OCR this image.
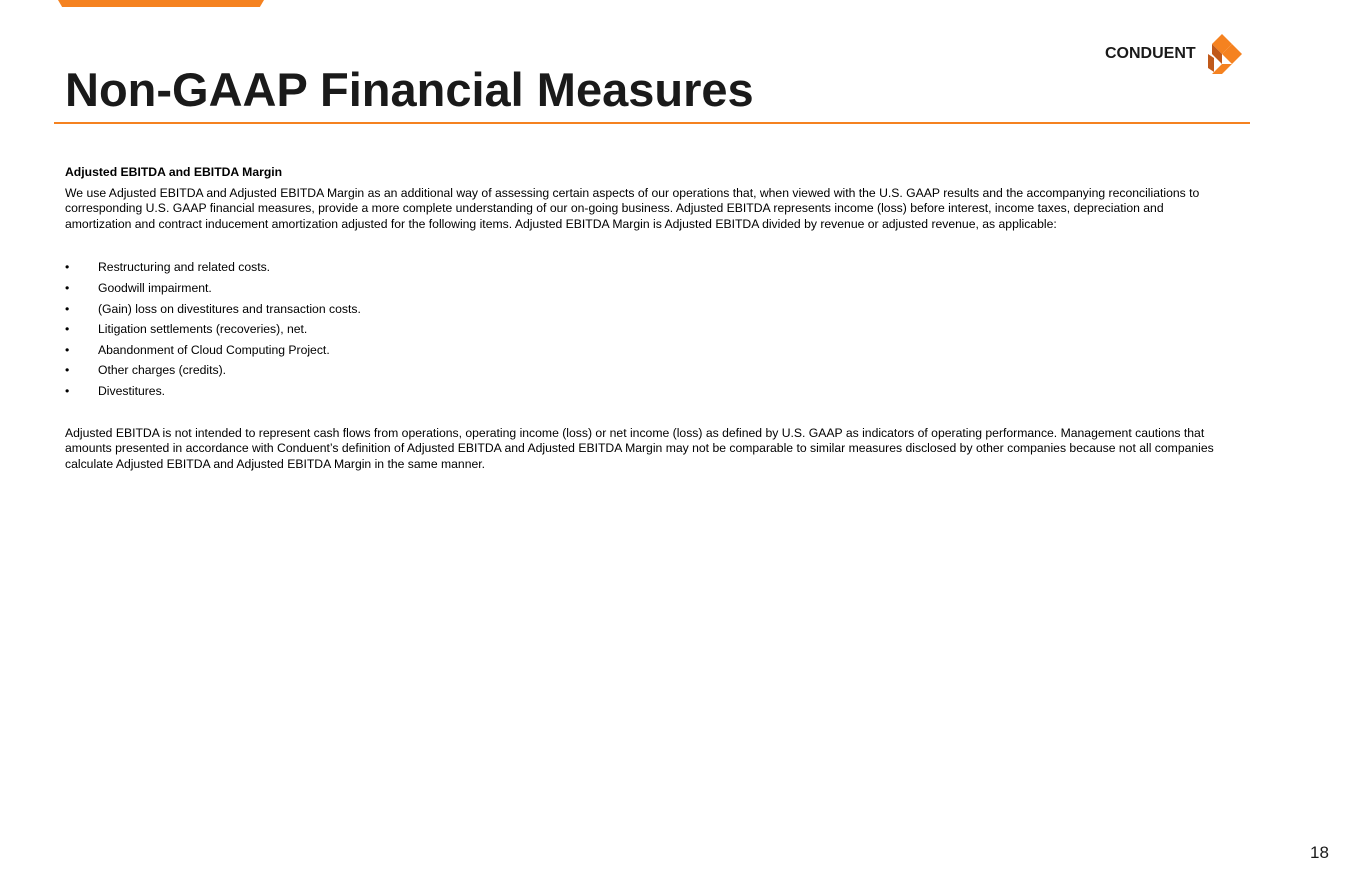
CONDUENT
Non-GAAP Financial Measures

Adjusted EBITDA and EBITDA Margin

We use Adjusted EBITDA and Adjusted EBITDA Margin as an additional way of assessing certain aspects of our operations that, when viewed with the U.S. GAAP results and the accompanying reconciliations to corresponding U.S. GAAP financial measures, provide a more complete understanding of our on-going business. Adjusted EBITDA represents income (loss) before interest, income taxes, depreciation and amortization and contract inducement amortization adjusted for the following items. Adjusted EBITDA Margin is Adjusted EBITDA divided by revenue or adjusted revenue, as applicable:

• Restructuring and related costs.
• Goodwill impairment.
• (Gain) loss on divestitures and transaction costs.
• Litigation settlements (recoveries), net.
• Abandonment of Cloud Computing Project.
• Other charges (credits).
• Divestitures.

Adjusted EBITDA is not intended to represent cash flows from operations, operating income (loss) or net income (loss) as defined by U.S. GAAP as indicators of operating performance. Management cautions that amounts presented in accordance with Conduent’s definition of Adjusted EBITDA and Adjusted EBITDA Margin may not be comparable to similar measures disclosed by other companies because not all companies calculate Adjusted EBITDA and Adjusted EBITDA Margin in the same manner.

18
